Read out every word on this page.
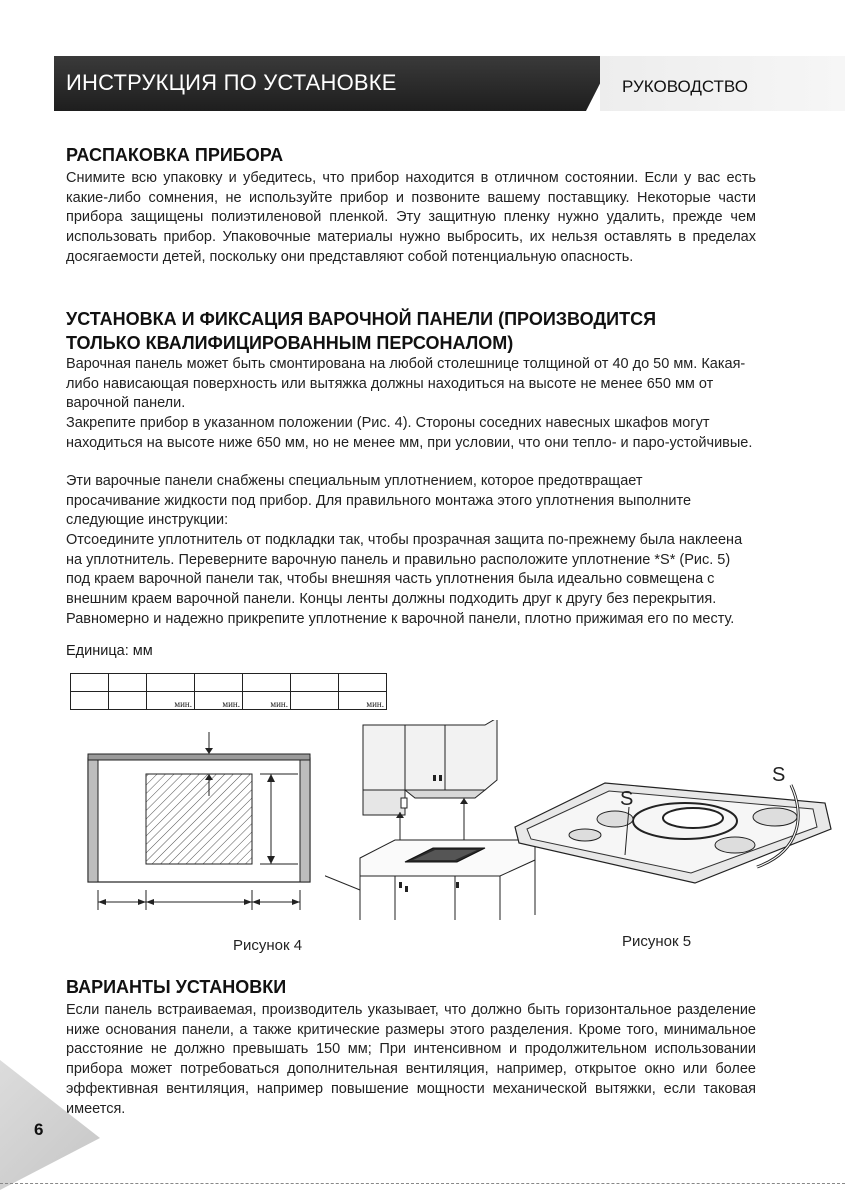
ИНСТРУКЦИЯ ПО УСТАНОВКЕ	РУКОВОДСТВО
РАСПАКОВКА ПРИБОРА

Снимите всю упаковку и убедитесь, что прибор находится в отличном состоянии. Если у вас есть какие-либо сомнения, не используйте прибор и позвоните вашему поставщику. Некоторые части прибора защищены полиэтиленовой пленкой. Эту защитную пленку нужно удалить, прежде чем использовать прибор. Упаковочные материалы нужно выбросить, их нельзя оставлять в пределах досягаемости детей, поскольку они представляют собой потенциальную опасность.

УСТАНОВКА И ФИКСАЦИЯ ВАРОЧНОЙ ПАНЕЛИ (ПРОИЗВОДИТСЯ
ТОЛЬКО КВАЛИФИЦИРОВАННЫМ ПЕРСОНАЛОМ)

Варочная панель может быть смонтирована на любой столешнице толщиной от 40 до 50 мм. Какая-либо нависающая поверхность или вытяжка должны находиться на высоте не менее 650 мм от варочной панели.

Закрепите прибор в указанном положении (Рис. 4). Стороны соседних навесных шкафов могут находиться на высоте ниже 650 мм, но не менее мм, при условии, что они тепло- и паро-устойчивые.

Эти варочные панели снабжены специальным уплотнением, которое предотвращает просачивание жидкости под прибор. Для правильного монтажа этого уплотнения выполните следующие инструкции:

Отсоедините уплотнитель от подкладки так, чтобы прозрачная защита по-прежнему была наклеена на уплотнитель. Переверните варочную панель и правильно расположите уплотнение *S* (Рис. 5) под краем варочной панели так, чтобы внешняя часть уплотнения была идеально совмещена с внешним краем варочной панели. Концы ленты должны подходить друг к другу без перекрытия. Равномерно и надежно прикрепите уплотнение к варочной панели, плотно прижимая его по месту.

Единица: мм

		мин.	мин.	мин.		мин.
S
S
Рисунок 4	Рисунок 5
ВАРИАНТЫ УСТАНОВКИ

Если панель встраиваемая, производитель указывает, что должно быть горизонтальное разделение ниже основания панели, а также критические размеры этого разделения. Кроме того, минимальное расстояние не должно превышать 150 мм; При интенсивном и продолжительном использовании прибора может потребоваться дополнительная вентиляция, например, открытое окно или более эффективная вентиляция, например повышение мощности механической вытяжки, если таковая имеется.

6
